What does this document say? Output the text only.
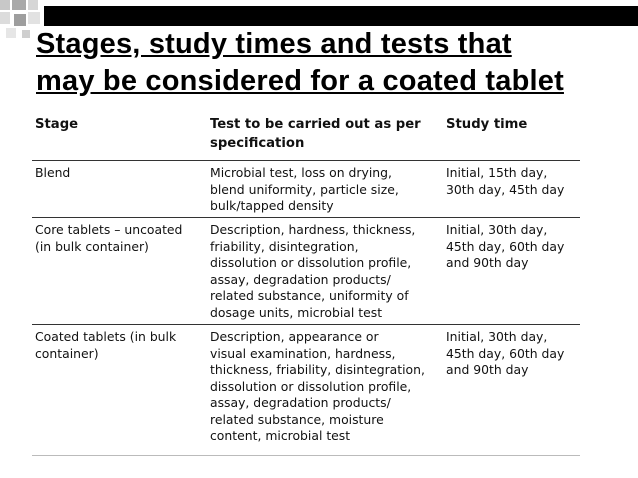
Stages, study times and tests that
may be considered for a coated tablet
Stage	Test to be carried out as per
specification
Study time
Blend	Microbial test, loss on drying,
blend uniformity, particle size,
bulk/tapped density
Initial, 15th day,
30th day, 45th day
Core tablets – uncoated
(in bulk container)
Description, hardness, thickness,
friability, disintegration,
dissolution or dissolution profile,
assay, degradation products/
related substance, uniformity of
dosage units, microbial test
Initial, 30th day,
45th day, 60th day
and 90th day
Coated tablets (in bulk
container)
Description, appearance or
visual examination, hardness,
thickness, friability, disintegration,
dissolution or dissolution profile,
assay, degradation products/
related substance, moisture
content, microbial test
Initial, 30th day,
45th day, 60th day
and 90th day
